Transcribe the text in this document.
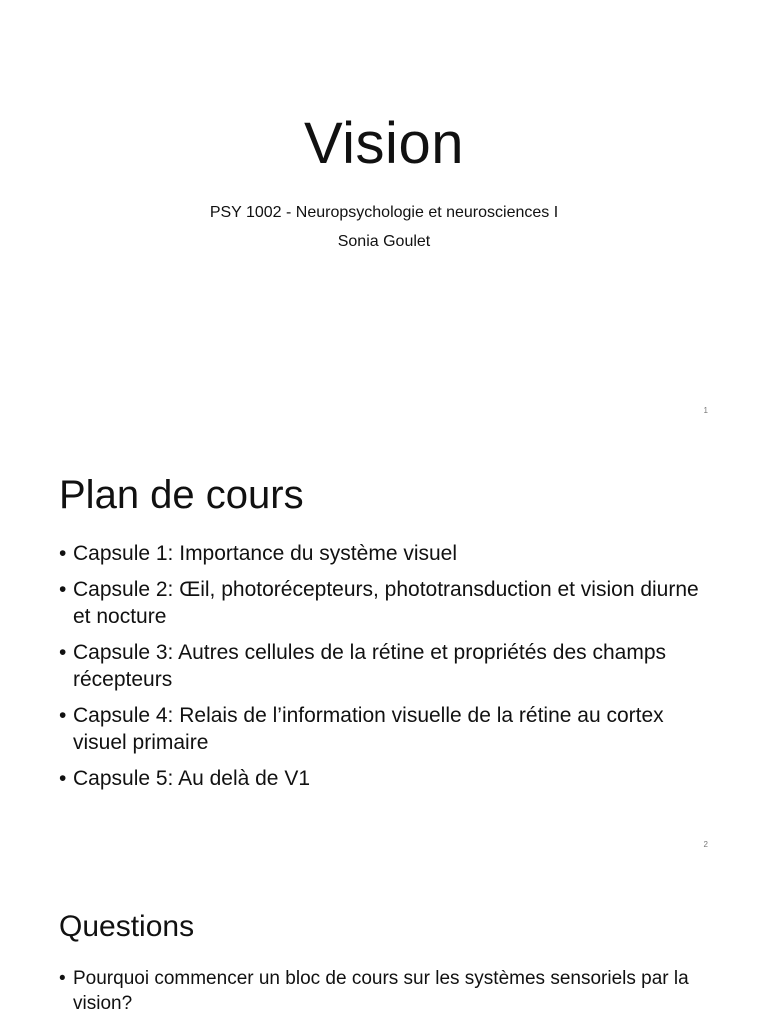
Vision

PSY 1002 - Neuropsychologie et neurosciences I

Sonia Goulet

1
Plan de cours
• Capsule 1: Importance du système visuel
• Capsule 2: Œil, photorécepteurs, phototransduction et vision diurne et nocture
• Capsule 3: Autres cellules de la rétine et propriétés des champs récepteurs
• Capsule 4: Relais de l’information visuelle de la rétine au cortex visuel primaire
• Capsule 5: Au delà de V1
2
Questions
• Pourquoi commencer un bloc de cours sur les systèmes sensoriels par la vision?
